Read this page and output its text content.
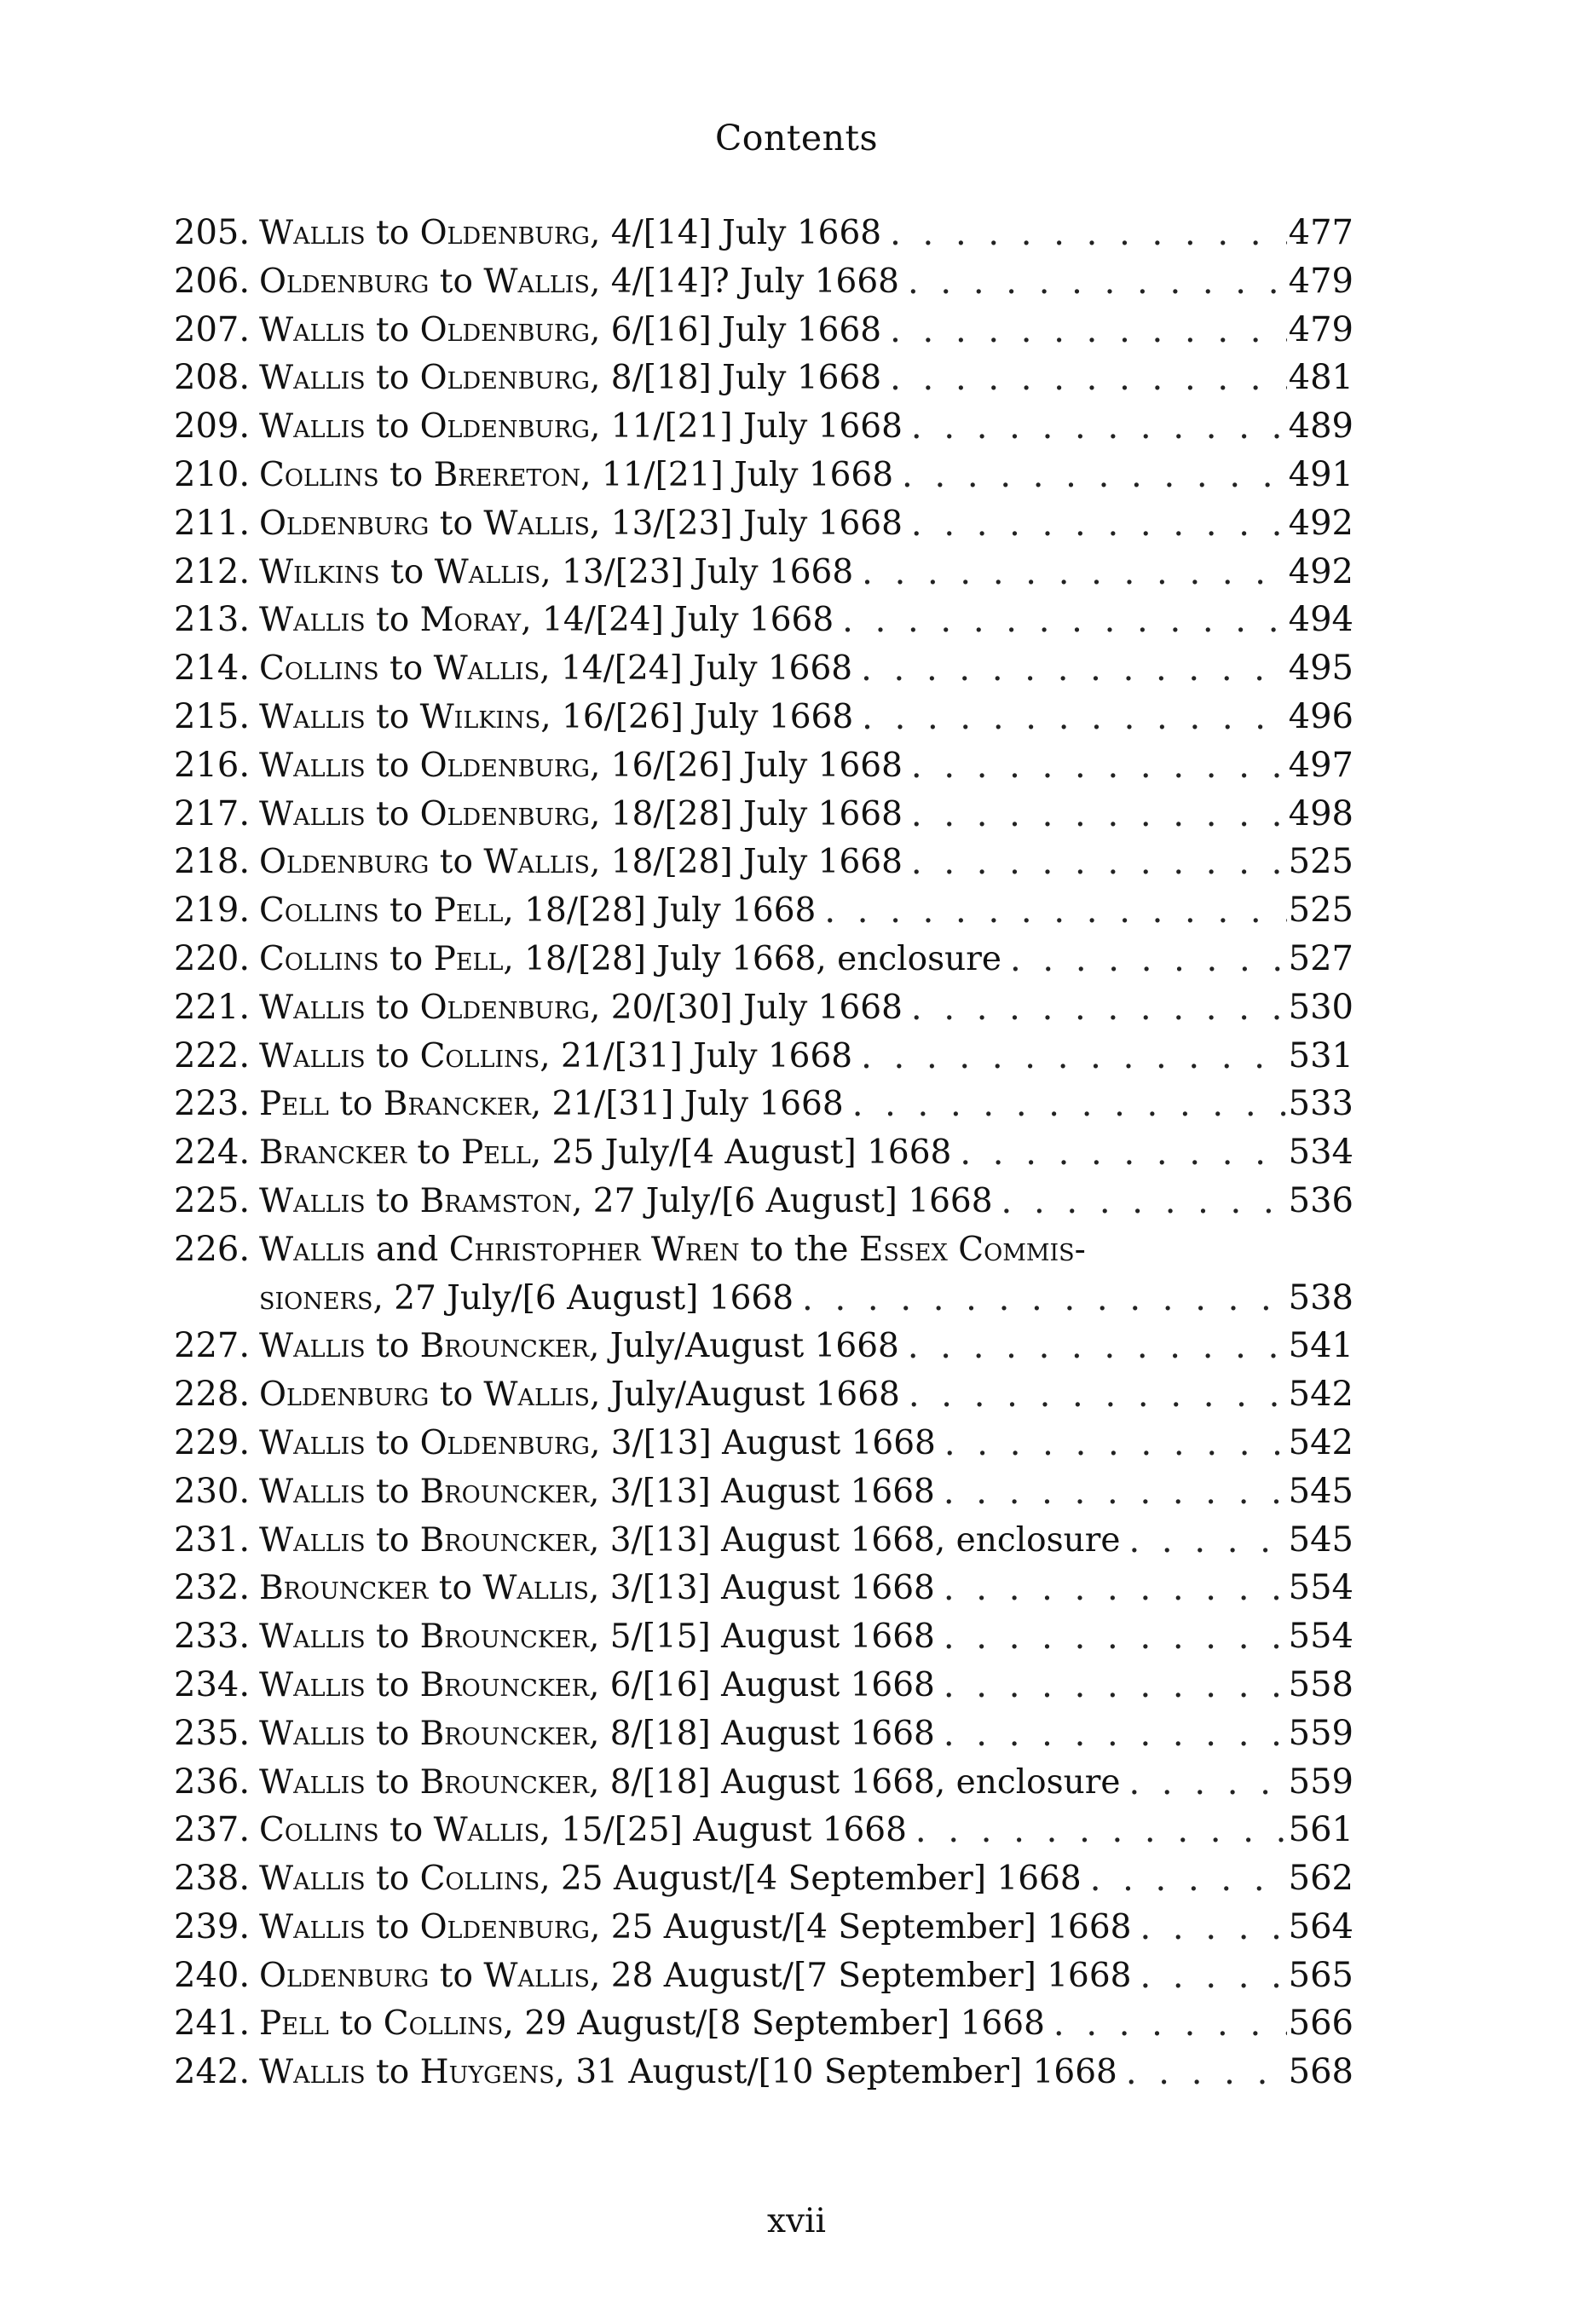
Contents
205. Wallis to Oldenburg, 4/[14] July 1668 . . .	477
206. Oldenburg to Wallis, 4/[14]? July 1668 . . .	479
207. Wallis to Oldenburg, 6/[16] July 1668 . . .	479
208. Wallis to Oldenburg, 8/[18] July 1668 . . .	481
209. Wallis to Oldenburg, 11/[21] July 1668 . . .	489
210. Collins to Brereton, 11/[21] July 1668 . . .	491
211. Oldenburg to Wallis, 13/[23] July 1668 . . .	492
212. Wilkins to Wallis, 13/[23] July 1668 . . .	492
213. Wallis to Moray, 14/[24] July 1668 . . .	494
214. Collins to Wallis, 14/[24] July 1668 . . .	495
215. Wallis to Wilkins, 16/[26] July 1668 . . .	496
216. Wallis to Oldenburg, 16/[26] July 1668 . . .	497
217. Wallis to Oldenburg, 18/[28] July 1668 . . .	498
218. Oldenburg to Wallis, 18/[28] July 1668 . . .	525
219. Collins to Pell, 18/[28] July 1668 . . .	525
220. Collins to Pell, 18/[28] July 1668, enclosure . . .	527
221. Wallis to Oldenburg, 20/[30] July 1668 . . .	530
222. Wallis to Collins, 21/[31] July 1668 . . .	531
223. Pell to Brancker, 21/[31] July 1668 . . .	533
224. Brancker to Pell, 25 July/[4 August] 1668 . . .	534
225. Wallis to Bramston, 27 July/[6 August] 1668 . . .	536
226. Wallis and Christopher Wren to the Essex Commis-
sioners, 27 July/[6 August] 1668 . . .	538
227. Wallis to Brouncker, July/August 1668 . . .	541
228. Oldenburg to Wallis, July/August 1668 . . .	542
229. Wallis to Oldenburg, 3/[13] August 1668 . . .	542
230. Wallis to Brouncker, 3/[13] August 1668 . . .	545
231. Wallis to Brouncker, 3/[13] August 1668, enclosure . . .	545
232. Brouncker to Wallis, 3/[13] August 1668 . . .	554
233. Wallis to Brouncker, 5/[15] August 1668 . . .	554
234. Wallis to Brouncker, 6/[16] August 1668 . . .	558
235. Wallis to Brouncker, 8/[18] August 1668 . . .	559
236. Wallis to Brouncker, 8/[18] August 1668, enclosure . . .	559
237. Collins to Wallis, 15/[25] August 1668 . . .	561
238. Wallis to Collins, 25 August/[4 September] 1668 . . .	562
239. Wallis to Oldenburg, 25 August/[4 September] 1668 . . .	564
240. Oldenburg to Wallis, 28 August/[7 September] 1668 . . .	565
241. Pell to Collins, 29 August/[8 September] 1668 . . .	566
242. Wallis to Huygens, 31 August/[10 September] 1668 . . .	568
xvii
